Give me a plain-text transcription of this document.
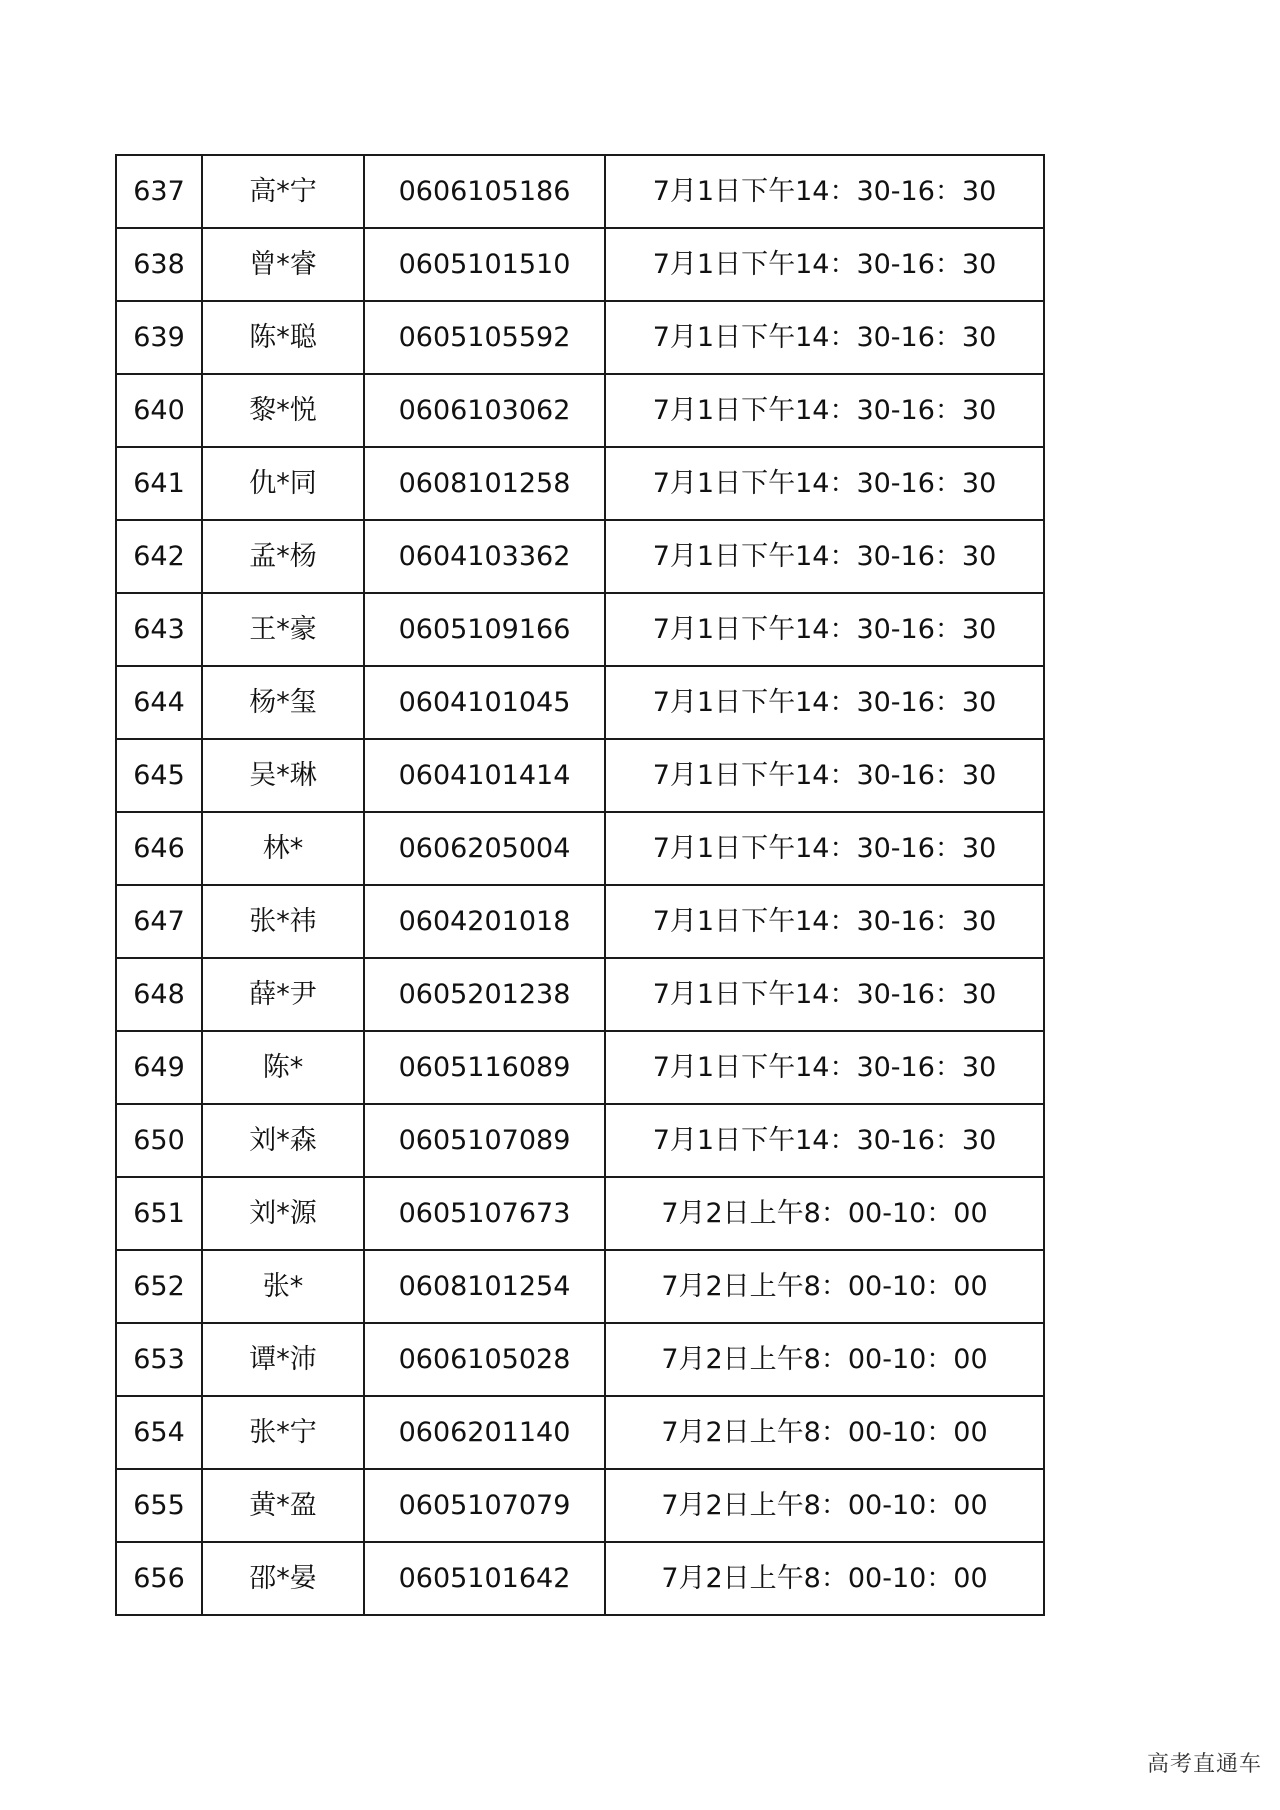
637	高*宁	0606105186	7月1日下午14：30-16：30
638	曾*睿	0605101510	7月1日下午14：30-16：30
639	陈*聪	0605105592	7月1日下午14：30-16：30
640	黎*悦	0606103062	7月1日下午14：30-16：30
641	仇*同	0608101258	7月1日下午14：30-16：30
642	孟*杨	0604103362	7月1日下午14：30-16：30
643	王*豪	0605109166	7月1日下午14：30-16：30
644	杨*玺	0604101045	7月1日下午14：30-16：30
645	吴*琳	0604101414	7月1日下午14：30-16：30
646	林*	0606205004	7月1日下午14：30-16：30
647	张*祎	0604201018	7月1日下午14：30-16：30
648	薛*尹	0605201238	7月1日下午14：30-16：30
649	陈*	0605116089	7月1日下午14：30-16：30
650	刘*森	0605107089	7月1日下午14：30-16：30
651	刘*源	0605107673	7月2日上午8：00-10：00
652	张*	0608101254	7月2日上午8：00-10：00
653	谭*沛	0606105028	7月2日上午8：00-10：00
654	张*宁	0606201140	7月2日上午8：00-10：00
655	黄*盈	0605107079	7月2日上午8：00-10：00
656	邵*晏	0605101642	7月2日上午8：00-10：00
高考直通车
